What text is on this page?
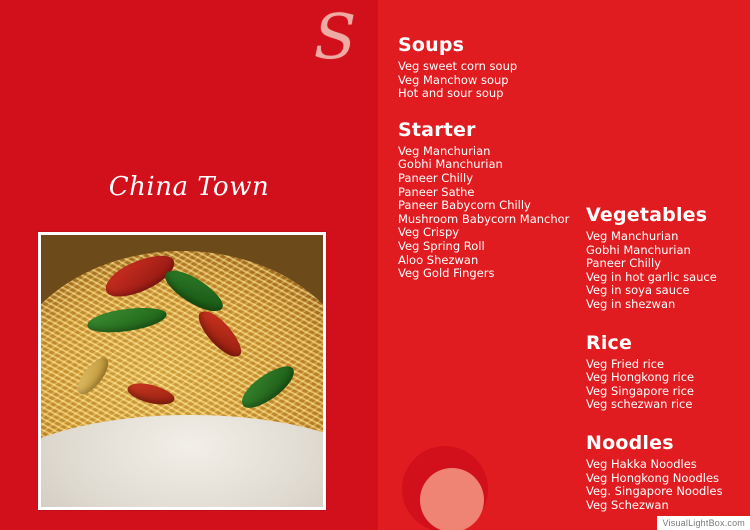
S
China Town
Soups
Veg sweet corn soup
Veg Manchow soup
Hot and sour soup
Starter
Veg Manchurian
Gobhi Manchurian
Paneer Chilly
Paneer Sathe
Paneer Babycorn Chilly
Mushroom Babycorn Manchor
Veg Crispy
Veg Spring Roll
Aloo Shezwan
Veg Gold Fingers
Vegetables
Veg Manchurian
Gobhi Manchurian
Paneer Chilly
Veg in hot garlic sauce
Veg in soya sauce
Veg in shezwan
Rice
Veg Fried rice
Veg Hongkong rice
Veg Singapore rice
Veg schezwan rice
Noodles
Veg Hakka Noodles
Veg Hongkong Noodles
Veg. Singapore Noodles
Veg Schezwan
VisualLightBox.com
